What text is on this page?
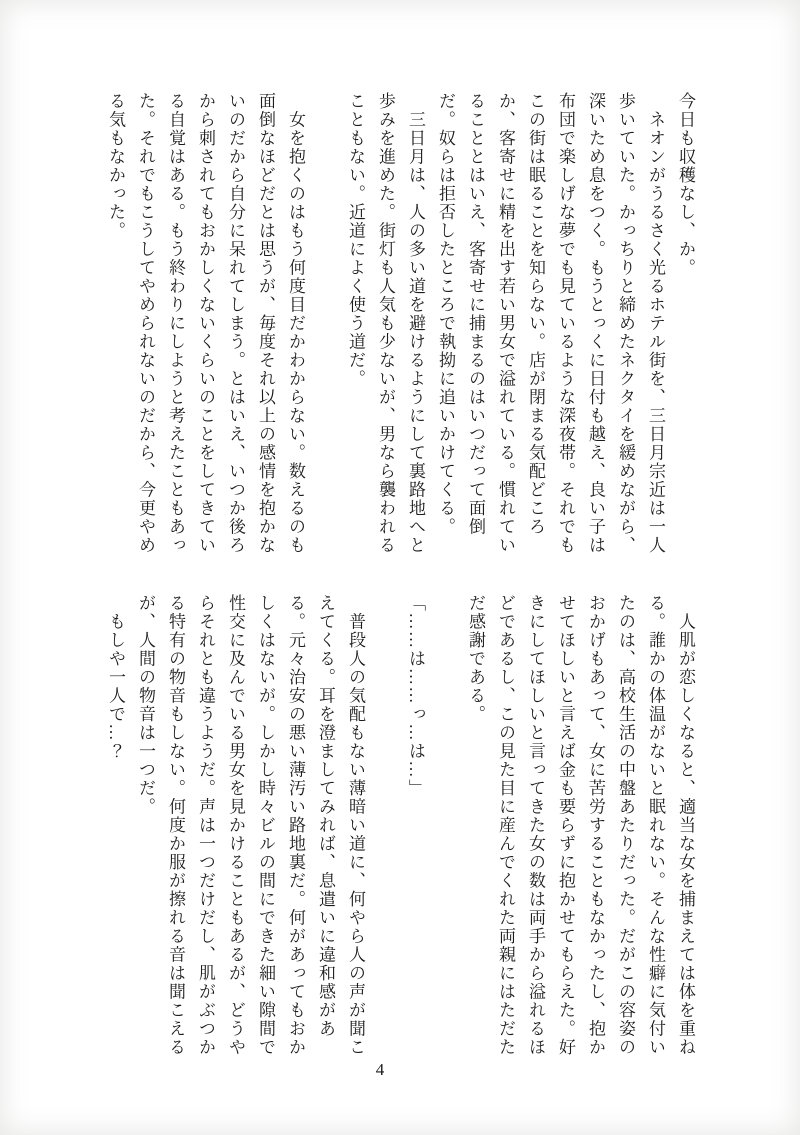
今日も収穫なし、か。

　ネオンがうるさく光るホテル街を、三日月宗近は一人歩いていた。かっちりと締めたネクタイを緩めながら、深いため息をつく。もうとっくに日付も越え、良い子は布団で楽しげな夢でも見ているような深夜帯。それでもこの街は眠ることを知らない。店が閉まる気配どころか、客寄せに精を出す若い男女で溢れている。慣れていることとはいえ、客寄せに捕まるのはいつだって面倒だ。奴らは拒否したところで執拗に追いかけてくる。

　三日月は、人の多い道を避けるようにして裏路地へと歩みを進めた。街灯も人気も少ないが、男なら襲われることもない。近道によく使う道だ。

　女を抱くのはもう何度目だかわからない。数えるのも面倒なほどだとは思うが、毎度それ以上の感情を抱かないのだから自分に呆れてしまう。とはいえ、いつか後ろから刺されてもおかしくないくらいのことをしてきている自覚はある。もう終わりにしようと考えたこともあった。それでもこうしてやめられないのだから、今更やめる気もなかった。

　人肌が恋しくなると、適当な女を捕まえては体を重ねる。誰かの体温がないと眠れない。そんな性癖に気付いたのは、高校生活の中盤あたりだった。だがこの容姿のおかげもあって、女に苦労することもなかったし、抱かせてほしいと言えば金も要らずに抱かせてもらえた。好きにしてほしいと言ってきた女の数は両手から溢れるほどであるし、この見た目に産んでくれた両親にはただただ感謝である。

「……は……っ…は…」

　普段人の気配もない薄暗い道に、何やら人の声が聞こえてくる。耳を澄ましてみれば、息遣いに違和感がある。元々治安の悪い薄汚い路地裏だ。何があってもおかしくはないが。しかし時々ビルの間にできた細い隙間で性交に及んでいる男女を見かけることもあるが、どうやらそれとも違うようだ。声は一つだけだし、肌がぶつかる特有の物音もしない。何度か服が擦れる音は聞こえるが、人間の物音は一つだ。

　もしや一人で…？

4
